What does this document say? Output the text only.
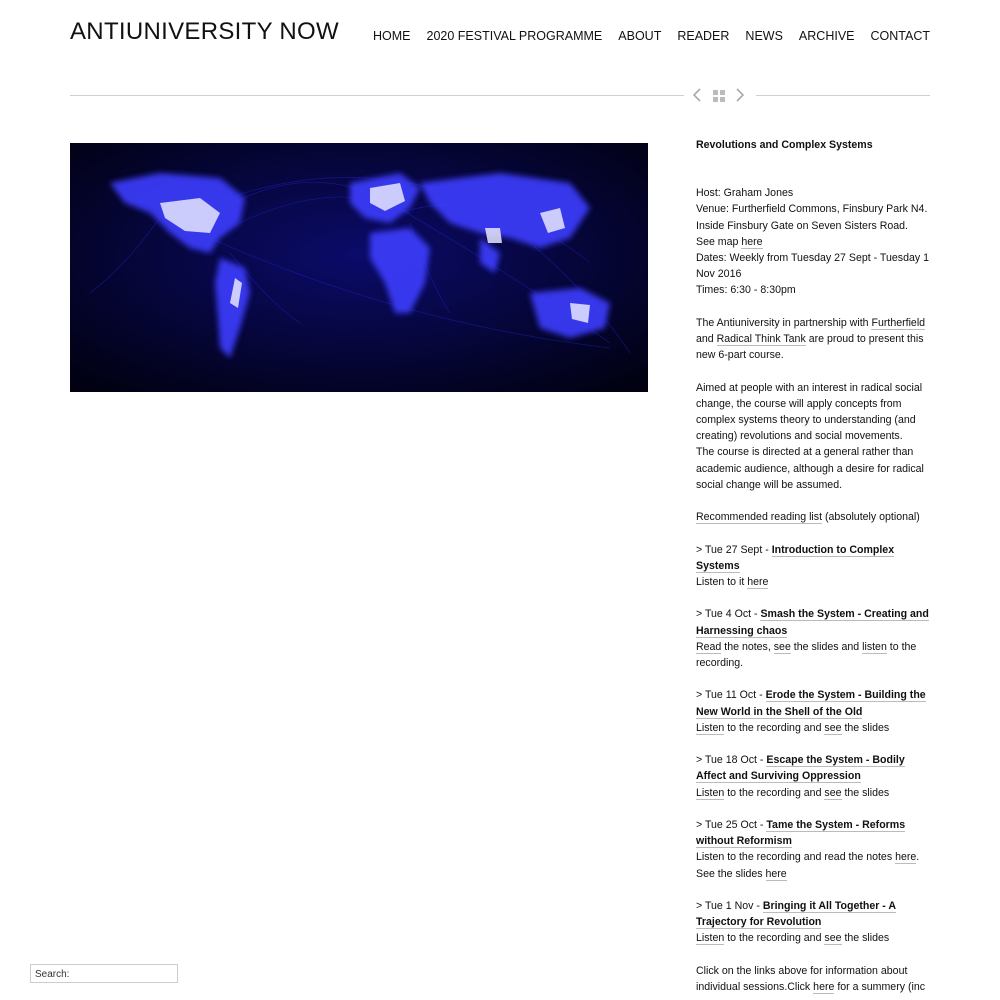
ANTIUNIVERSITY NOW	HOME 2020 FESTIVAL PROGRAMME ABOUT READER NEWS ARCHIVE CONTACT

Revolutions and Complex Systems

Host: Graham Jones
Venue: Furtherfield Commons, Finsbury Park N4. Inside Finsbury Gate on Seven Sisters Road.
See map here
Dates: Weekly from Tuesday 27 Sept - Tuesday 1 Nov 2016
Times: 6:30 - 8:30pm

The Antiuniversity in partnership with Furtherfield and Radical Think Tank are proud to present this new 6-part course.

Aimed at people with an interest in radical social change, the course will apply concepts from complex systems theory to understanding (and creating) revolutions and social movements.
The course is directed at a general rather than academic audience, although a desire for radical social change will be assumed.

Recommended reading list (absolutely optional)

> Tue 27 Sept - Introduction to Complex Systems
Listen to it here

> Tue 4 Oct - Smash the System - Creating and Harnessing chaos
Read the notes, see the slides and listen to the recording.

> Tue 11 Oct - Erode the System - Building the New World in the Shell of the Old
Listen to the recording and see the slides

> Tue 18 Oct - Escape the System - Bodily Affect and Surviving Oppression
Listen to the recording and see the slides

> Tue 25 Oct - Tame the System - Reforms without Reformism
Listen to the recording and read the notes here. See the slides here

> Tue 1 Nov - Bringing it All Together - A Trajectory for Revolution
Listen to the recording and see the slides

Click on the links above for information about individual sessions.Click here for a summery (inc

Search:
